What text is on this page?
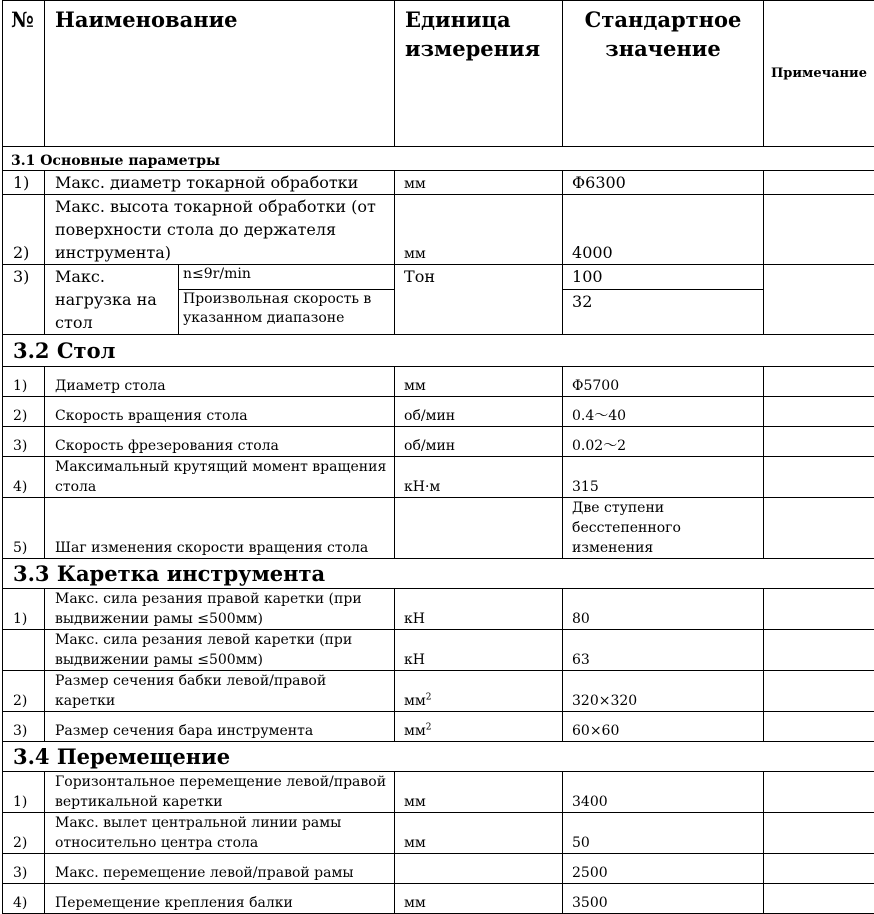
№	Наименование		Единица измерения	Стандартное значение	Примечание
3.1 Основные параметры					
1)	Макс. диаметр токарной обработки		мм	Φ6300	
2)	Макс. высота токарной обработки (от поверхности стола до держателя инструмента)		мм	4000	
3)	Макс. нагрузка на стол	n≤9r/min	Тон	100	
		Произвольная скорость в указанном диапазоне		32	
3.2 Стол					
1)	Диаметр стола		мм	Φ5700	
2)	Скорость вращения стола		об/мин	0.4～40	
3)	Скорость фрезерования стола		об/мин	0.02～2	
4)	Максимальный крутящий момент вращения стола		кН·м	315	
5)	Шаг изменения скорости вращения стола			Две ступени бесстепенного изменения	
3.3 Каретка инструмента					
1)	Макс. сила резания правой каретки (при выдвижении рамы ≤500мм)		кН	80	
	Макс. сила резания левой каретки (при выдвижении рамы ≤500мм)		кН	63	
2)	Размер сечения бабки левой/правой каретки		$мм^2$	320×320	
3)	Размер сечения бара инструмента		$мм^2$	60×60	
3.4 Перемещение					
1)	Горизонтальное перемещение левой/правой вертикальной каретки		мм	3400	
2)	Макс. вылет центральной линии рамы относительно центра стола		мм	50	
3)	Макс. перемещение левой/правой рамы			2500	
4)	Перемещение крепления балки		мм	3500	
